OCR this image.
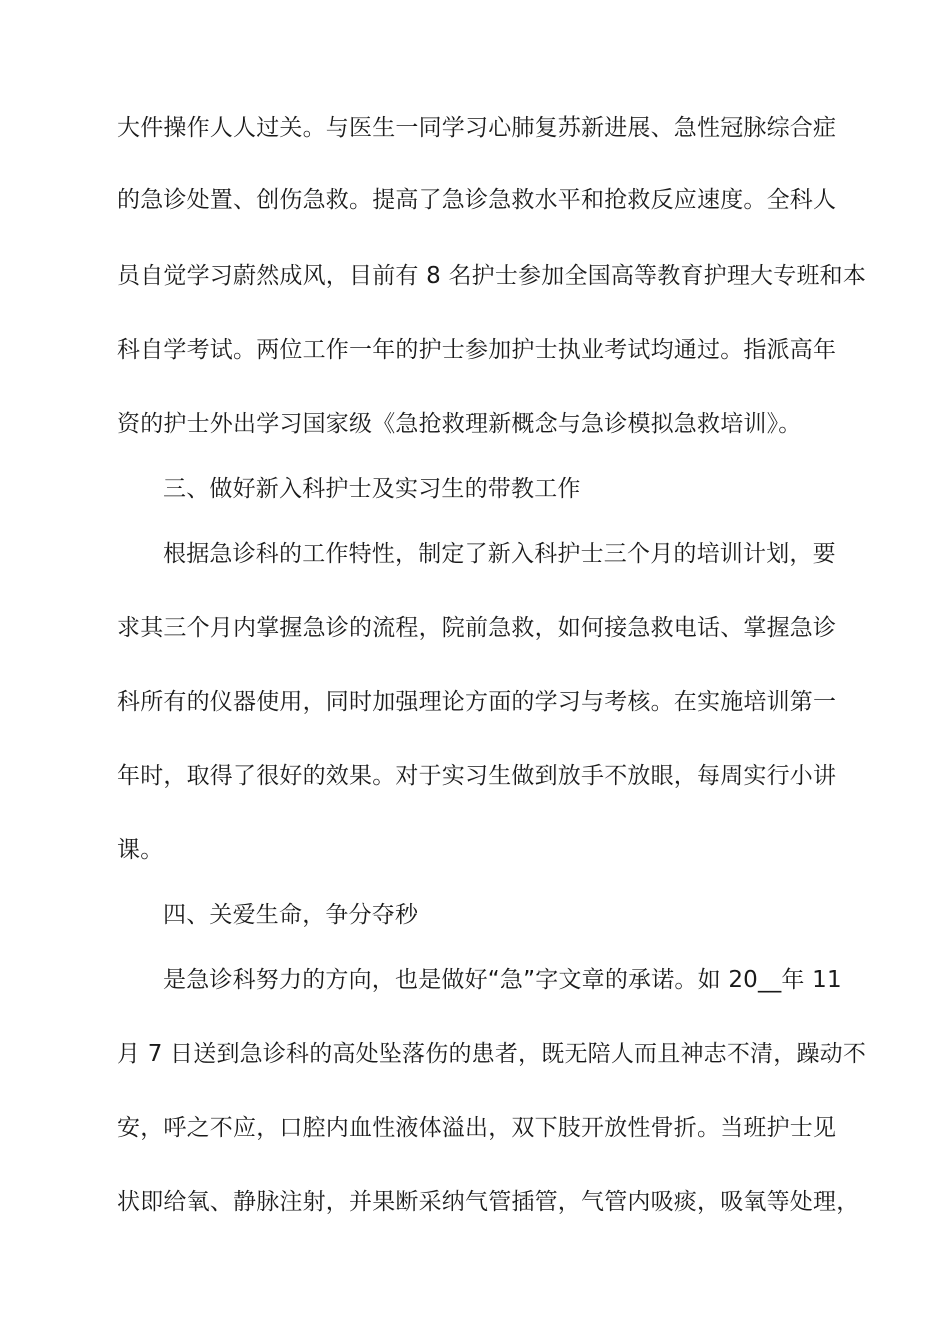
大件操作人人过关。与医生一同学习心肺复苏新进展、急性冠脉综合症
的急诊处置、创伤急救。提高了急诊急救水平和抢救反应速度。全科人
员自觉学习蔚然成风，目前有 8 名护士参加全国高等教育护理大专班和本
科自学考试。两位工作一年的护士参加护士执业考试均通过。指派高年
资的护士外出学习国家级《急抢救理新概念与急诊模拟急救培训》。
三、做好新入科护士及实习生的带教工作
根据急诊科的工作特性，制定了新入科护士三个月的培训计划，要
求其三个月内掌握急诊的流程，院前急救，如何接急救电话、掌握急诊
科所有的仪器使用，同时加强理论方面的学习与考核。在实施培训第一
年时，取得了很好的效果。对于实习生做到放手不放眼，每周实行小讲
课。
四、关爱生命，争分夺秒
是急诊科努力的方向，也是做好“急”字文章的承诺。如 20__年 11
月 7 日送到急诊科的高处坠落伤的患者，既无陪人而且神志不清，躁动不
安，呼之不应，口腔内血性液体溢出，双下肢开放性骨折。当班护士见
状即给氧、静脉注射，并果断采纳气管插管，气管内吸痰，吸氧等处理，
